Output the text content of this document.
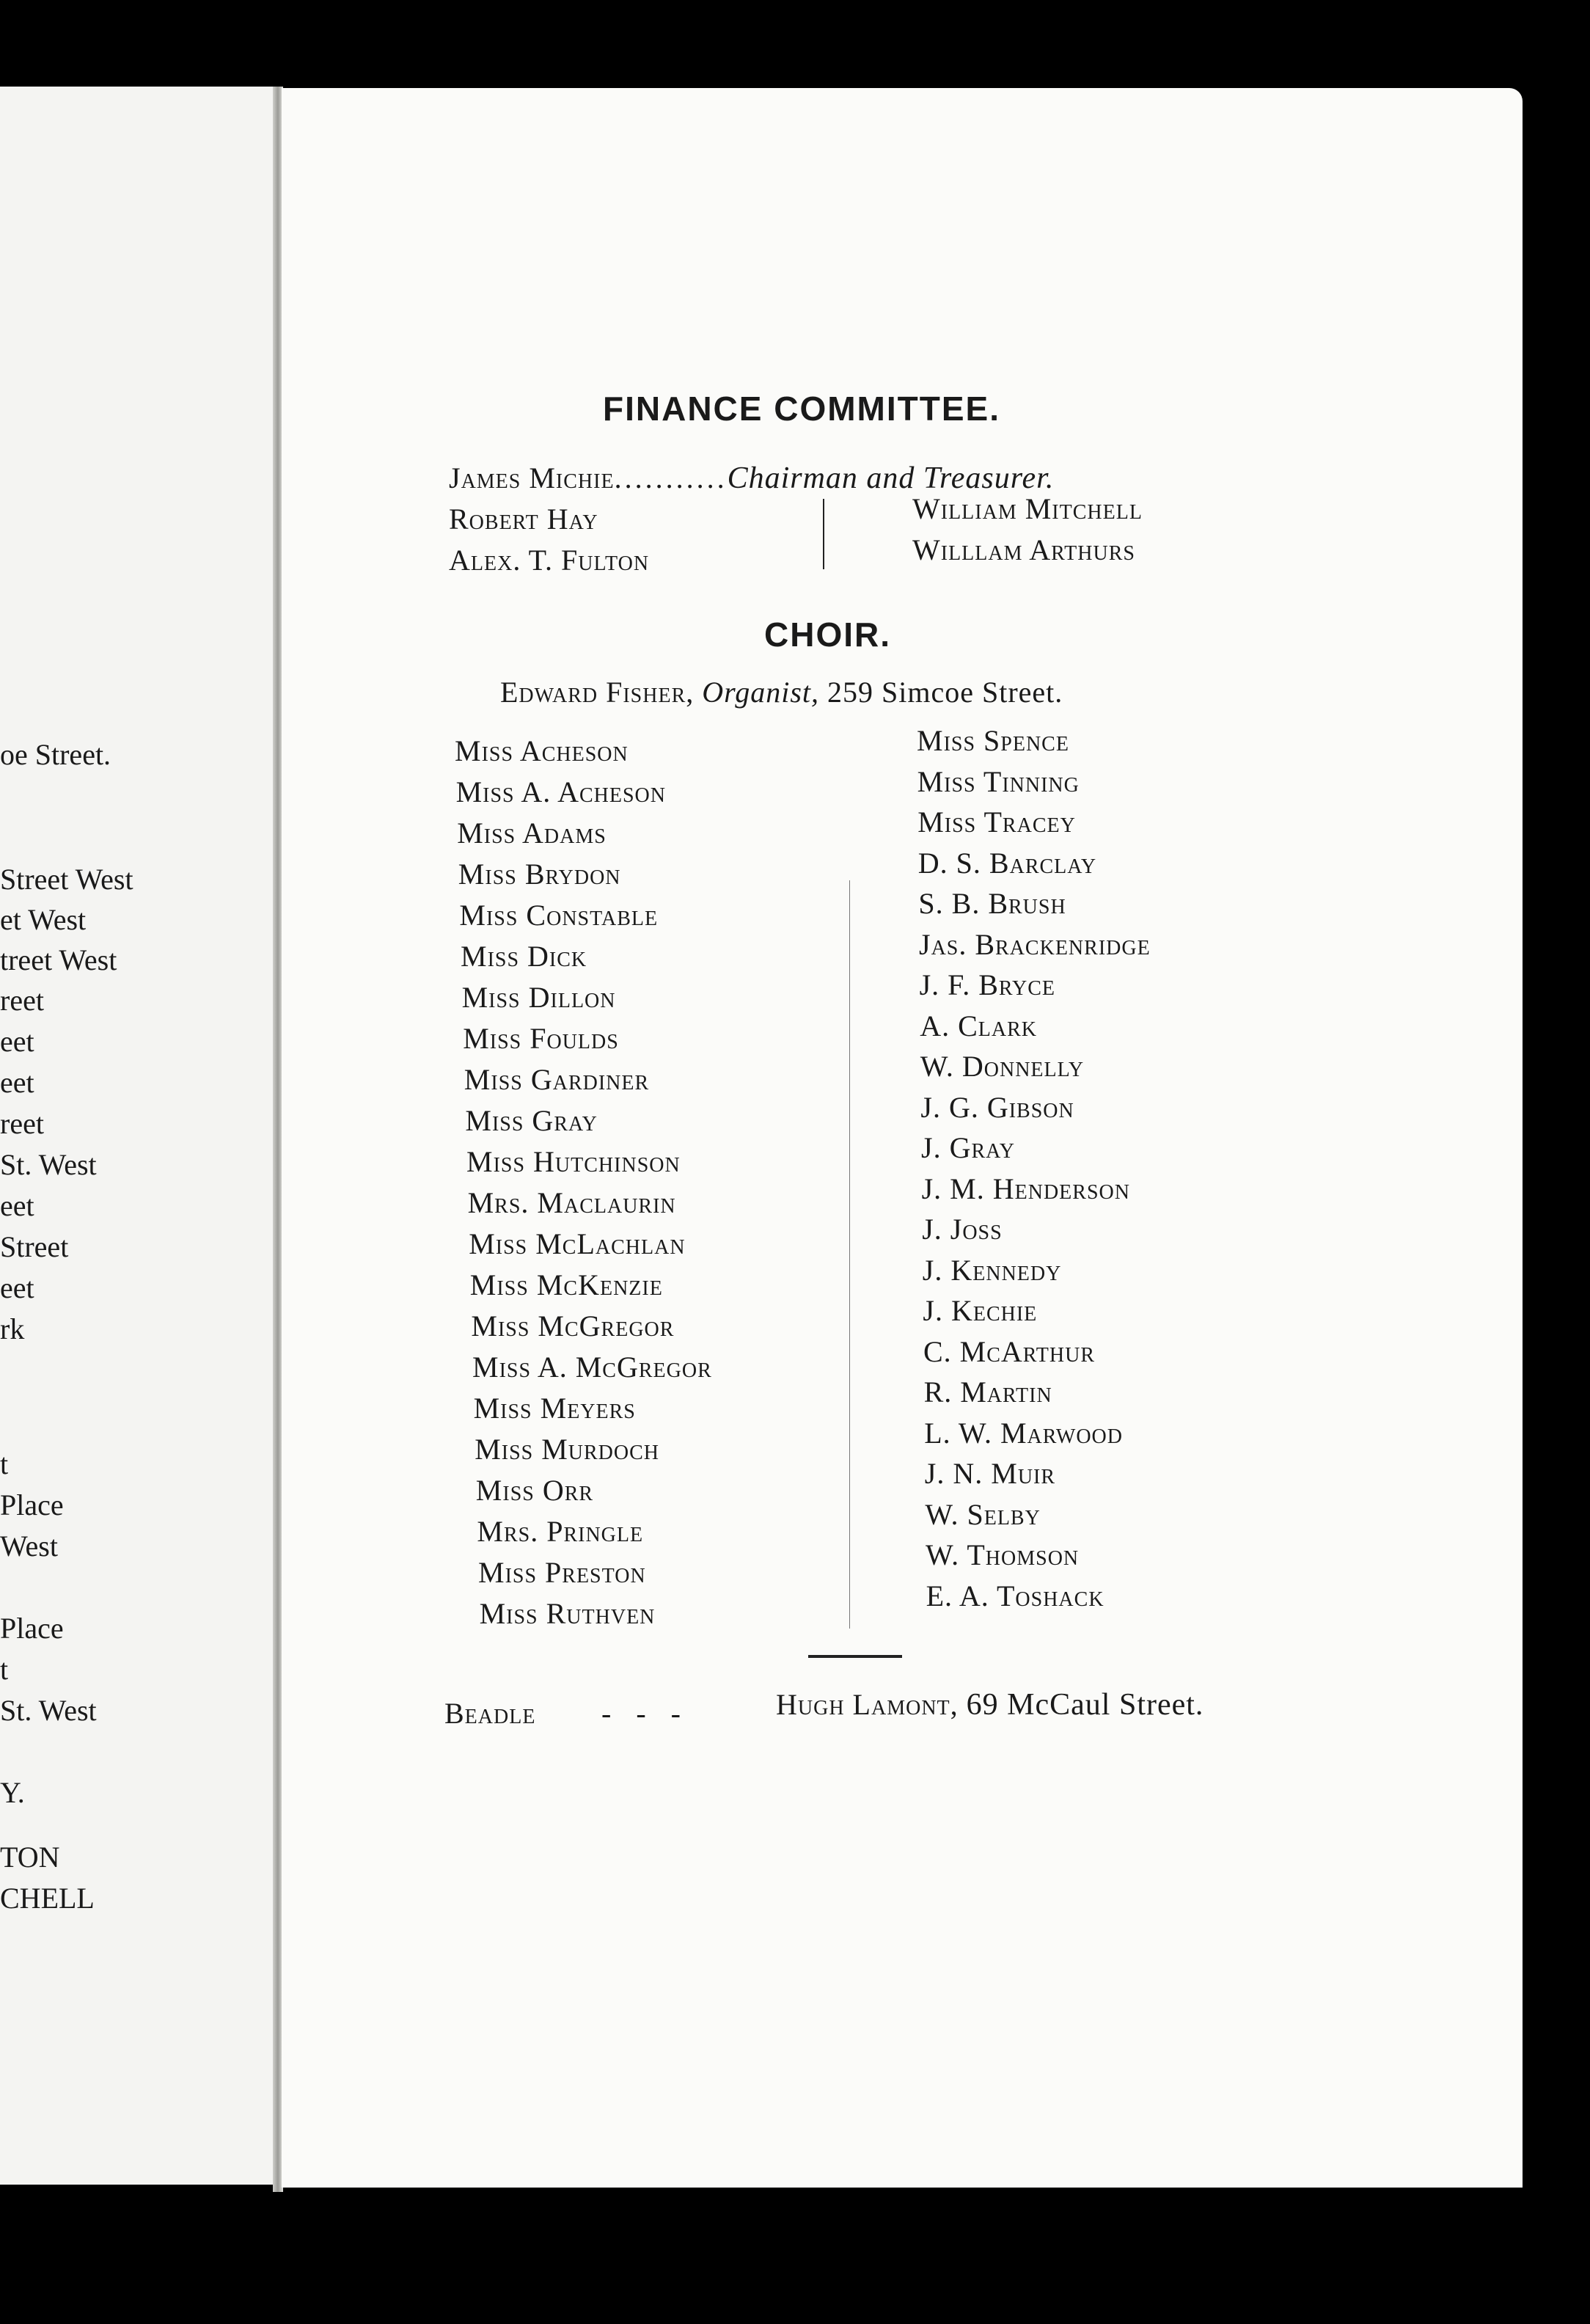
oe Street.
Street West
et West
treet West
reet
eet
eet
reet
St. West
eet
Street
eet
rk
t
Place
West
Place
t
St. West
Y.
TON
CHELL
FINANCE COMMITTEE.
James Michie...........Chairman and Treasurer.
Robert Hay
Alex. T. Fulton
William Mitchell
Willlam Arthurs
CHOIR.
Edward Fisher, Organist, 259 Simcoe Street.
Miss Acheson
Miss A. Acheson
Miss Adams
Miss Brydon
Miss Constable
Miss Dick
Miss Dillon
Miss Foulds
Miss Gardiner
Miss Gray
Miss Hutchinson
Mrs. Maclaurin
Miss McLachlan
Miss McKenzie
Miss McGregor
Miss A. McGregor
Miss Meyers
Miss Murdoch
Miss Orr
Mrs. Pringle
Miss Preston
Miss Ruthven
Miss Spence
Miss Tinning
Miss Tracey
D. S. Barclay
S. B. Brush
Jas. Brackenridge
J. F. Bryce
A. Clark
W. Donnelly
J. G. Gibson
J. Gray
J. M. Henderson
J. Joss
J. Kennedy
J. Kechie
C. McArthur
R. Martin
L. W. Marwood
J. N. Muir
W. Selby
W. Thomson
E. A. Toshack
Beadle -   -   -	Hugh Lamont, 69 McCaul Street.
